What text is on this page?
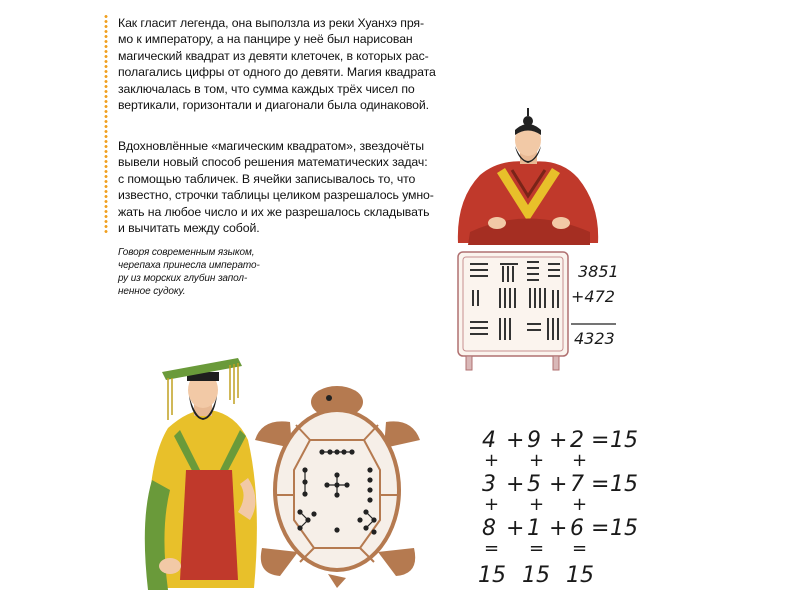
Как гласит легенда, она выползла из реки Хуанхэ пря-
мо к императору, а на панцире у неё был нарисован
магический квадрат из девяти клеточек, в которых рас-
полагались цифры от одного до девяти. Магия квадрата
заключалась в том, что сумма каждых трёх чисел по
вертикали, горизонтали и диагонали была одинаковой.

Вдохновлённые «магическим квадратом», звездочёты
вывели новый способ решения математических задач:
с помощью табличек. В ячейки записывалось то, что
известно, строчки таблицы целиком разрешалось умно-
жать на любое число и их же разрешалось складывать
и вычитать между собой.

Говоря современным языком,
черепаха принесла императо-
ру из морских глубин запол-
ненное судоку.

3851
+472
4323
4 + 9 + 2 = 15
3 + 5 + 7 = 15
8 + 1 + 6 = 15
+ + +
+ + +
= = =
15 15 15
